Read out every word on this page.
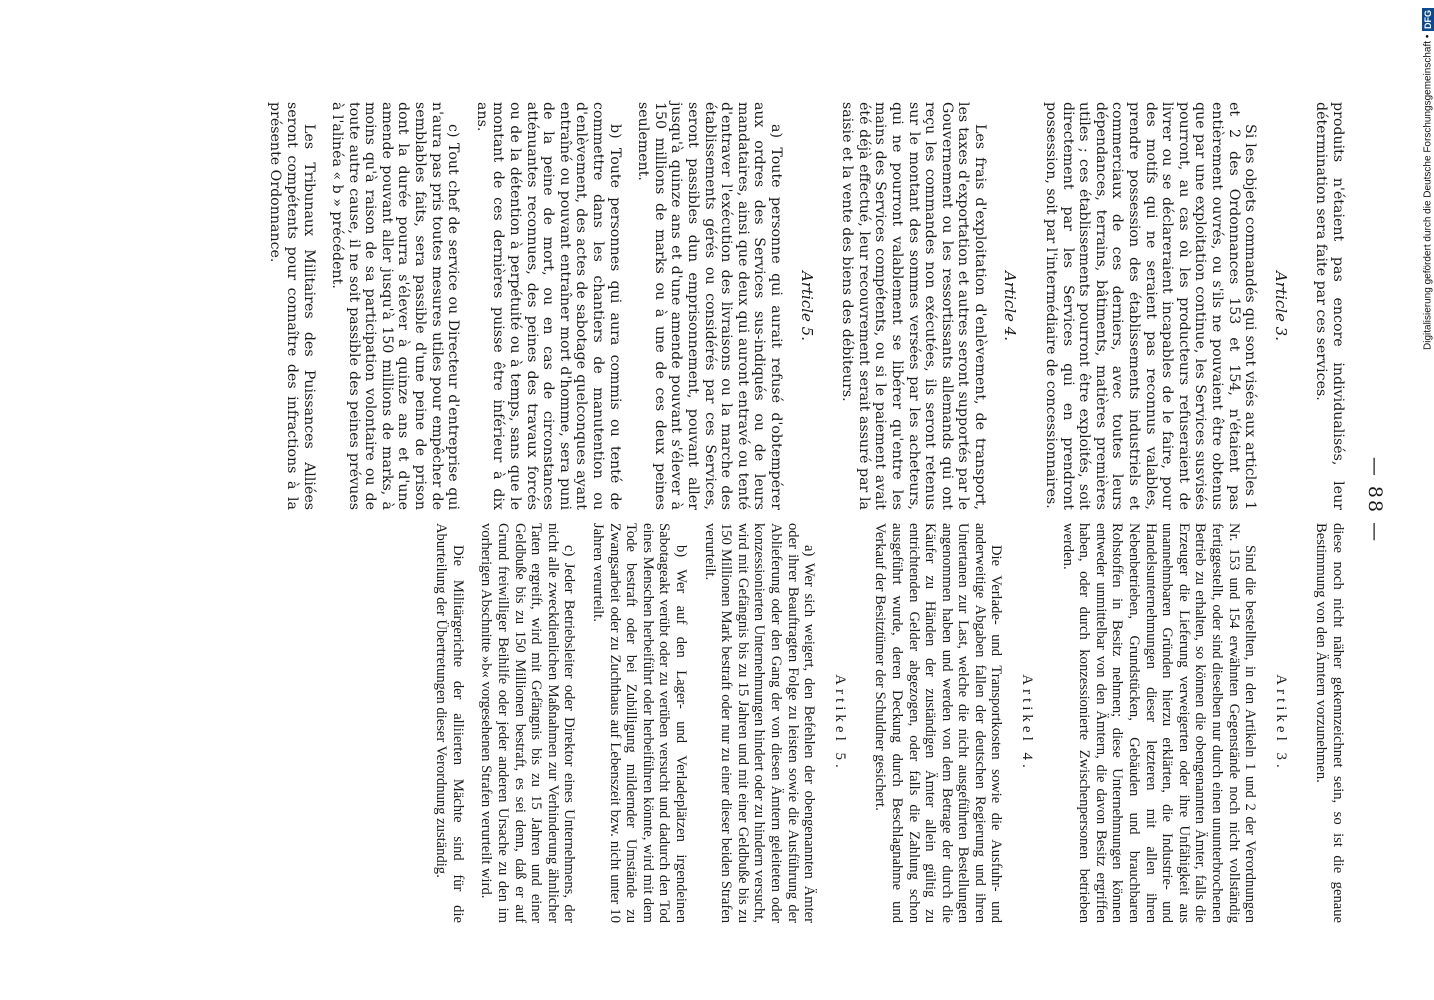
— 88 —

produits n'étaient pas encore individualisés, leur détermination sera faite par ces services.

Article 3.

Si les objets commandés qui sont visés aux articles 1 et 2 des Ordonnances 153 et 154, n'étaient pas entièrement ouvrés, ou s'ils ne pouvaient être obtenus que par une exploitation continue, les Services susvisés pourront, au cas où les producteurs refuseraient de livrer ou se déclareraient incapables de le faire, pour des motifs qui ne seraient pas reconnus valables, prendre possession des établissements industriels et commerciaux de ces derniers, avec toutes leurs dépendances, terrains, bâtiments, matières premières utiles ; ces établissements pourront être exploités, soit directement par les Services qui en prendront possession, soit par l'intermédiaire de concessionnaires.

Article 4.

Les frais d'exploitation d'enlèvement, de transport, les taxes d'exportation et autres seront supportés par le Gouvernement ou les ressortissants allemands qui ont reçu les commandes non exécutées, ils seront retenus sur le montant des sommes versées par les acheteurs, qui ne pourront valablement se libérer qu'entre les mains des Services compétents, ou si le paiement avait été déjà effectué, leur recouvrement serait assuré par la saisie et la vente des biens des débiteurs.

Article 5.

a) Toute personne qui aurait refusé d'obtempérer aux ordres des Services sus-indiqués ou de leurs mandataires, ainsi que deux qui auront entravé ou tenté d'entraver l'exécution des livraisons ou la marche des établissements gérés ou considérés par ces Services, seront passibles dun emprisonnement, pouvant aller jusqu'à quinze ans et d'une amende pouvant s'élever à 150 millions de marks ou à une de ces deux peines seulement.

b) Toute personnes qui aura commis ou tenté de commettre dans les chantiers de manutention ou d'enlèvement, des actes de sabotage quelconques ayant entraîné ou pouvant entraîner mort d'homme, sera puni de la peine de mort, ou en cas de circonstances atténuantes reconnues, des peines des travaux forcés ou de la détention à perpétuité ou à temps, sans que le montant de ces dernières puisse être inférieur à dix ans.

c) Tout chef de service ou Directeur d'entreprise qui n'aura pas pris toutes mesures utiles pour empêcher de semblables faits, sera passible d'une peine de prison dont la durée pourra s'élever à quinze ans et d'une amende pouvant aller jusqu'à 150 millions de marks, à moins qu'à raison de sa participation volontaire ou de toute autre cause, il ne soit passible des peines prévues à l'alinéa « b » précédent.

Les Tribunaux Militaires des Puissances Alliées seront compétents pour connaître des infractions à la présente Ordonnance.

diese noch nicht näher gekennzeichnet sein, so ist die genaue Bestimmung von den Ämtern vorzunehmen.

Artikel 3.

Sind die bestellten, in den Artikeln 1 und 2 der Verordnungen Nr. 153 und 154 erwähnten Gegenstände noch nicht vollständig fertiggestellt, oder sind dieselben nur durch einen ununterbrochenen Betrieb zu erhalten, so können die obengenannten Ämter, falls die Erzeuger die Lieferung verweigerten oder ihre Unfähigkeit aus unannehmbaren Gründen hierzu erklärten, die Industrie- und Handelsunternehmungen dieser letzteren mit allen ihren Nebenbetrieben, Grundstücken, Gebäuden und brauchbaren Rohstoffen in Besitz nehmen; diese Unternehmungen können entweder unmittelbar von den Ämtern, die davon Besitz ergriffen haben, oder durch konzessionierte Zwischenpersonen betrieben werden.

Artikel 4.

Die Verlade- und Transportkosten sowie die Ausfuhr- und anderweitige Abgaben fallen der deutschen Regierung und ihren Untertanen zur Last, welche die nicht ausgeführten Bestellungen angenommen haben und werden von dem Betrage der durch die Käufer zu Händen der zuständigen Ämter allein gültig zu entrichtenden Gelder abgezogen, oder falls die Zahlung schon ausgeführt wurde, deren Deckung durch Beschlagnahme und Verkauf der Besitztümer der Schuldner gesichert.

Artikel 5.

a) Wer sich weigert, den Befehlen der obengenannten Ämter oder ihrer Beauftragten Folge zu leisten sowie die Ausführung der Ablieferung oder den Gang der von diesen Ämtern geleiteten oder konzessionierten Unternehmungen hindert oder zu hindern versucht, wird mit Gefängnis bis zu 15 Jahren und mit einer Geldbuße bis zu 150 Millionen Mark bestraft oder nur zu einer dieser beiden Strafen verurteilt.

b) Wer auf den Lager- und Verladeplätzen irgendeinen Sabotageakt verübt oder zu verüben versucht und dadurch den Tod eines Menschen herbeiführt oder herbeiführen könnte, wird mit dem Tode bestraft oder bei Zubilligung mildernder Umstände zu Zwangsarbeit oder zu Zuchthaus auf Lebenszeit bzw. nicht unter 10 Jahren verurteilt.

c) Jeder Betriebsleiter oder Direktor eines Unternehmens, der nicht alle zweckdienlichen Maßnahmen zur Verhinderung ähnlicher Taten ergreift, wird mit Gefängnis bis zu 15 Jahren und einer Geldbuße bis zu 150 Millionen bestraft, es sei denn, daß er auf Grund freiwilliger Beihilfe oder jeder anderen Ursache zu den im vorherigen Abschnitte »b« vorgesehenen Strafen verurteilt wird.

Die Militärgerichte der alliierten Mächte sind für die Aburteilung der Übertretungen dieser Verordnung zuständig.

Digitalisierung gefördert durch die Deutsche Forschungsgemeinschaft •
DFG
